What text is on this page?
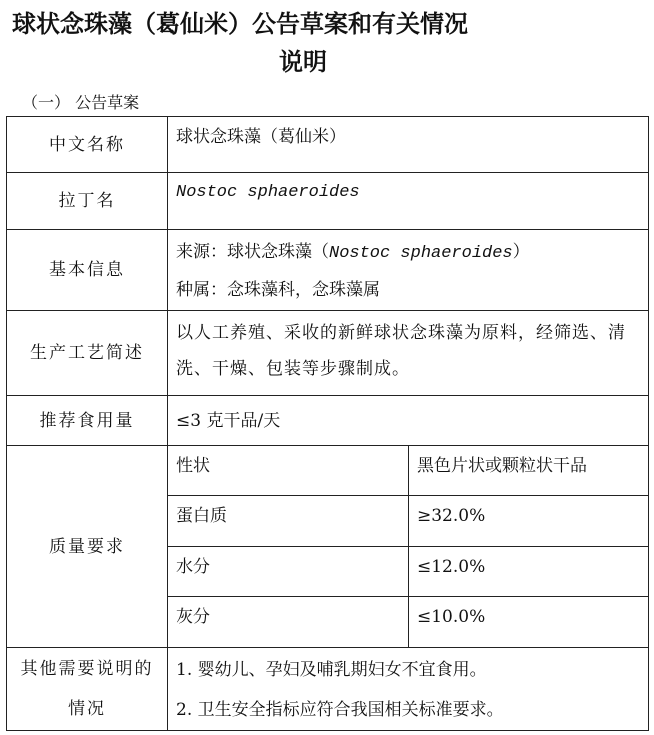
球状念珠藻（葛仙米）公告草案和有关情况
说明
（一） 公告草案
中文名称	球状念珠藻（葛仙米）	
拉丁名	Nostoc sphaeroides	
基本信息	来源：球状念珠藻（Nostoc sphaeroides）
种属：念珠藻科，念珠藻属	

生产工艺简述	以人工养殖、采收的新鲜球状念珠藻为原料，经筛选、清洗、干燥、包装等步骤制成。	
推荐食用量	≤3 克干品/天	
质量要求	性状	黑色片状或颗粒状干品
	蛋白质	≥32.0%
	水分	≤12.0%
	灰分	≤10.0%
其他需要说明的情况	1. 婴幼儿、孕妇及哺乳期妇女不宜食用。
2. 卫生安全指标应符合我国相关标准要求。	
